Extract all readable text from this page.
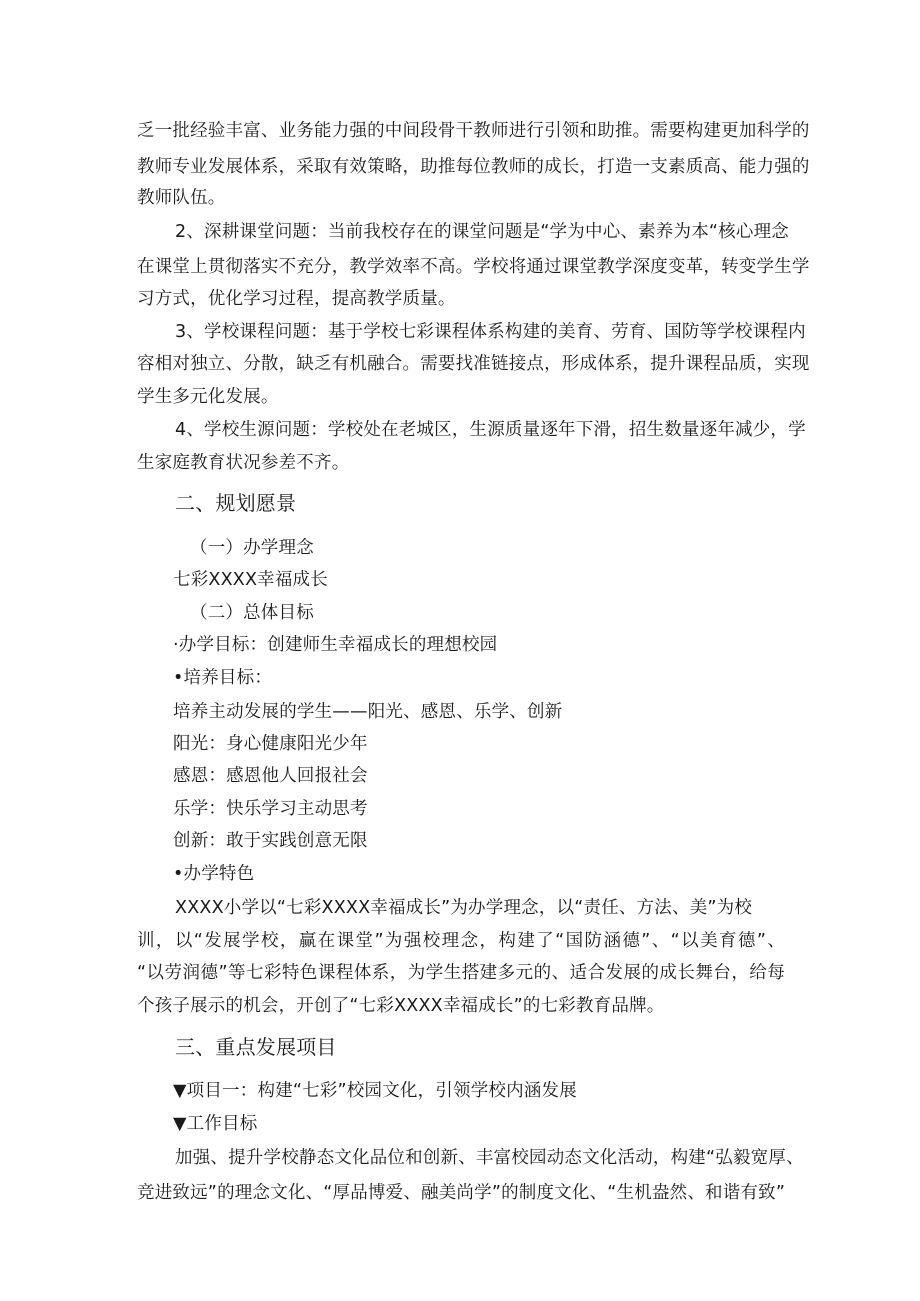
乏一批经验丰富、业务能力强的中间段骨干教师进行引领和助推。需要构建更加科学的
教师专业发展体系，采取有效策略，助推每位教师的成长，打造一支素质高、能力强的
教师队伍。
2、深耕课堂问题：当前我校存在的课堂问题是“学为中心、素养为本“核心理念
在课堂上贯彻落实不充分，教学效率不高。学校将通过课堂教学深度变革，转变学生学
习方式，优化学习过程，提高教学质量。
3、学校课程问题：基于学校七彩课程体系构建的美育、劳育、国防等学校课程内
容相对独立、分散，缺乏有机融合。需要找准链接点，形成体系，提升课程品质，实现
学生多元化发展。
4、学校生源问题：学校处在老城区，生源质量逐年下滑，招生数量逐年减少，学
生家庭教育状况参差不齐。
二、规划愿景
（一）办学理念
七彩XXXX幸福成长
（二）总体目标
·办学目标：创建师生幸福成长的理想校园
•培养目标：
培养主动发展的学生——阳光、感恩、乐学、创新
阳光：身心健康阳光少年
感恩：感恩他人回报社会
乐学：快乐学习主动思考
创新：敢于实践创意无限
•办学特色
XXXX小学以“七彩XXXX幸福成长”为办学理念，以“责任、方法、美”为校
训，以“发展学校，赢在课堂”为强校理念，构建了“国防涵德”、“以美育德”、
“以劳润德”等七彩特色课程体系，为学生搭建多元的、适合发展的成长舞台，给每
个孩子展示的机会，开创了“七彩XXXX幸福成长”的七彩教育品牌。
三、重点发展项目
▼项目一：构建“七彩”校园文化，引领学校内涵发展
▼工作目标
加强、提升学校静态文化品位和创新、丰富校园动态文化活动，构建“弘毅宽厚、
竞进致远”的理念文化、“厚品博爱、融美尚学”的制度文化、“生机盎然、和谐有致”
